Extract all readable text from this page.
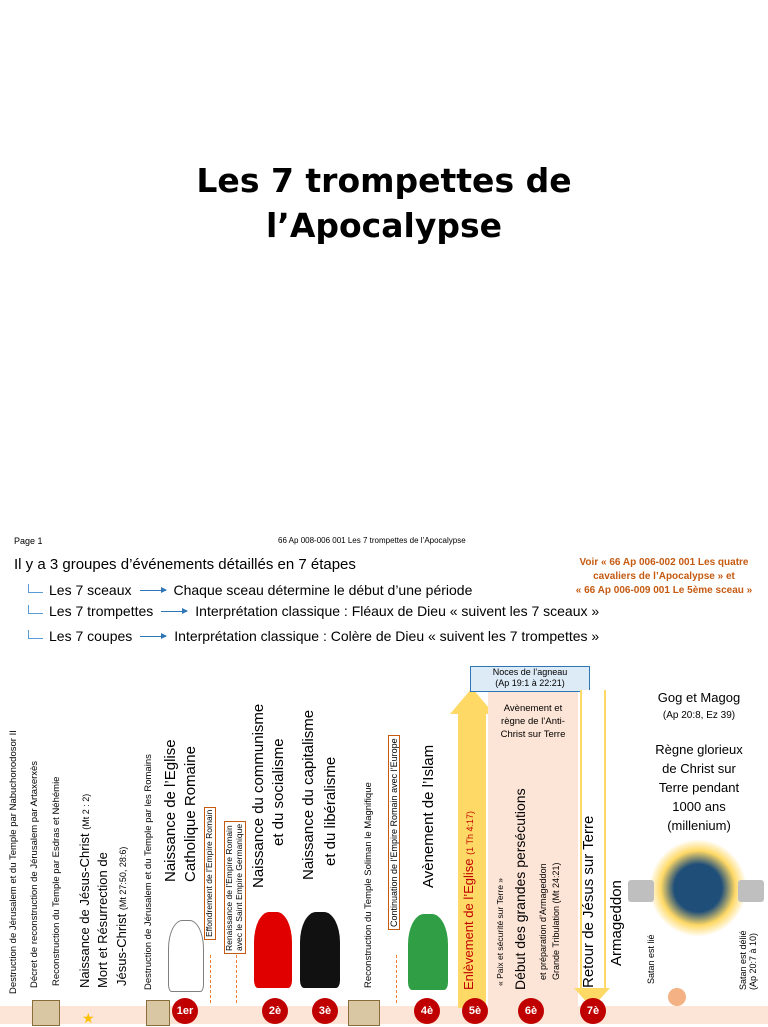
Les 7 trompettes de
l’Apocalypse
Page 1	66 Ap 008-006 001 Les 7 trompettes de l’Apocalypse
Il y a 3 groupes d’événements détaillés en 7 étapes
Les 7 sceaux	Chaque sceau détermine le début d’une période
Les 7 trompettes	Interprétation classique : Fléaux de Dieu « suivent les 7 sceaux »
Les 7 coupes	Interprétation classique : Colère de Dieu « suivent les 7 trompettes »
Voir « 66 Ap 006-002 001 Les quatre
cavaliers de l’Apocalypse » et
« 66 Ap 006-009 001 Le 5ème sceau »
★
Destruction de Jérusalem et du Temple par Nabuchonodosor II Décret de reconstruction de Jérusalem par Artaxerxès Reconstruction du Temple par Esdras et Néhémie Naissance de Jésus-Christ (Mt 2 : 2)
Mort et Résurrection de Jésus-Christ (Mt 27:50, 28:6) Destruction de Jérusalem et du Temple par les Romains Naissance de l’Eglise Catholique Romaine Effondrement de l’Empire Romain Renaissance de l’Empire Romain avec le Saint Empire Germanique Naissance du communisme et du socialisme Naissance du capitalisme et du libéralisme	Reconstruction du Temple Soliman le Magnifique Continuation de l’Empire Romain avec l’Europe Avènement de l’Islam
Enlèvement de l’Eglise (1 Th 4:17)
Avènement et
règne de l’Anti-
Christ sur Terre
« Paix et sécurité sur Terre » Début des grandes persécutions et préparation d’Armageddon Grande Tribulation (Mt 24:21)
Noces de l’agneau
(Ap 19:1 à 22:21)
Retour de Jésus sur Terre Armageddon
Gog et Magog
(Ap 20:8, Ez 39)
Règne glorieux
de Christ sur
Terre pendant
1000 ans
(millenium)
Satan est lié	Satan est délié (Ap 20:7 à 10)
1er	2è	3è	4è	5è	6è	7è
